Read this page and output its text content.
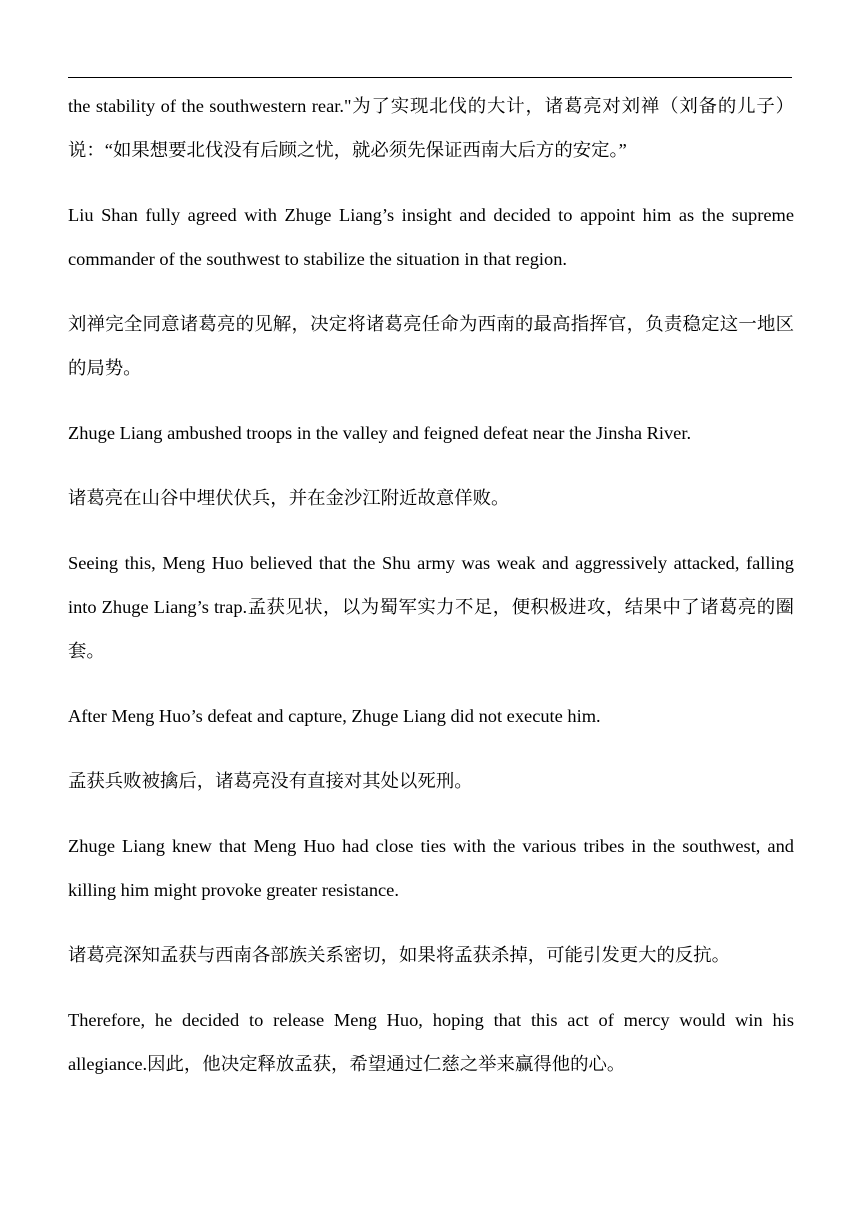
the stability of the southwestern rear."为了实现北伐的大计，诸葛亮对刘禅（刘备的儿子）说：“如果想要北伐没有后顾之忧，就必须先保证西南大后方的安定。”

Liu Shan fully agreed with Zhuge Liang’s insight and decided to appoint him as the supreme commander of the southwest to stabilize the situation in that region.

刘禅完全同意诸葛亮的见解，决定将诸葛亮任命为西南的最高指挥官，负责稳定这一地区的局势。

Zhuge Liang ambushed troops in the valley and feigned defeat near the Jinsha River.

诸葛亮在山谷中埋伏伏兵，并在金沙江附近故意佯败。

Seeing this, Meng Huo believed that the Shu army was weak and aggressively attacked, falling into Zhuge Liang’s trap.孟获见状，以为蜀军实力不足，便积极进攻，结果中了诸葛亮的圈套。

After Meng Huo’s defeat and capture, Zhuge Liang did not execute him.

孟获兵败被擒后，诸葛亮没有直接对其处以死刑。

Zhuge Liang knew that Meng Huo had close ties with the various tribes in the southwest, and killing him might provoke greater resistance.

诸葛亮深知孟获与西南各部族关系密切，如果将孟获杀掉，可能引发更大的反抗。

Therefore, he decided to release Meng Huo, hoping that this act of mercy would win his allegiance.因此，他决定释放孟获，希望通过仁慈之举来赢得他的心。
